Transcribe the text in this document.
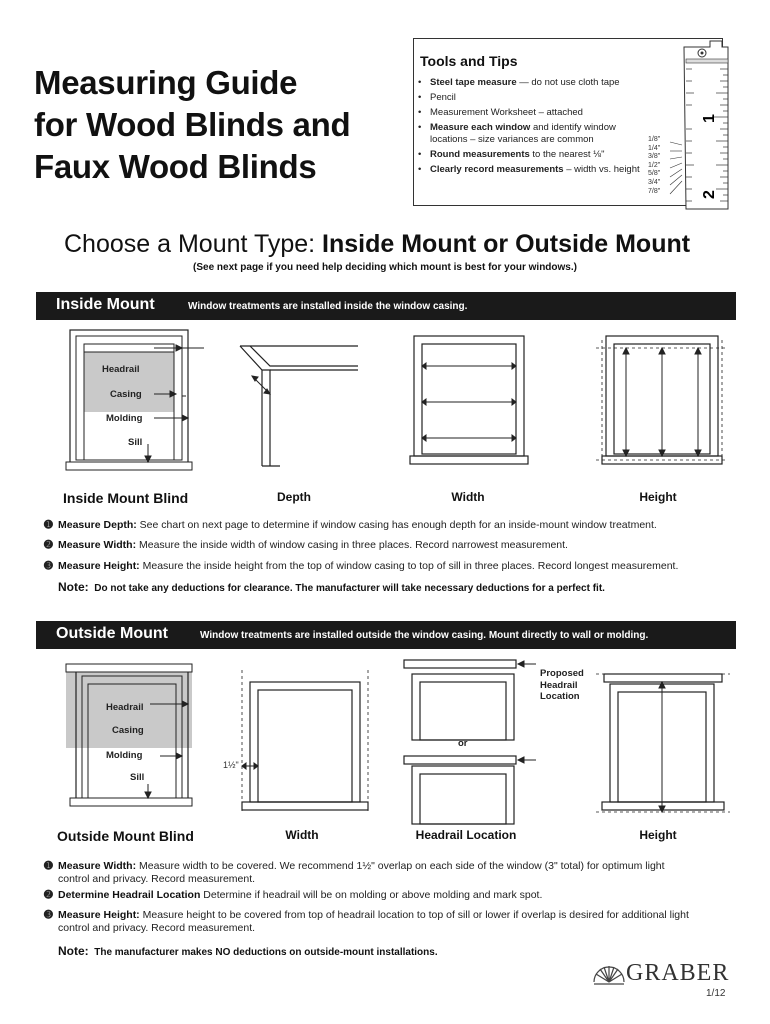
Measuring Guide
for Wood Blinds and
Faux Wood Blinds
Tools and Tips
• Steel tape measure — do not use cloth tape
• Pencil
• Measurement Worksheet – attached
• Measure each window and identify window locations – size variances are common
• Round measurements to the nearest ⅛"
• Clearly record measurements – width vs. height
1/8"
1/4"
3/8"
1/2"
5/8"
3/4"
7/8"
1
2
Choose a Mount Type: Inside Mount or Outside Mount
(See next page if you need help deciding which mount is best for your windows.)
Inside Mount	Window treatments are installed inside the window casing.
Headrail
Casing
Molding
Sill
Inside Mount Blind	Depth	Width	Height
➊ Measure Depth: See chart on next page to determine if window casing has enough depth for an inside-mount window treatment.
➋ Measure Width: Measure the inside width of window casing in three places. Record narrowest measurement.
➌ Measure Height: Measure the inside height from the top of window casing to top of sill in three places. Record longest measurement.
Note: Do not take any deductions for clearance. The manufacturer will take necessary deductions for a perfect fit.
Outside Mount	Window treatments are installed outside the window casing. Mount directly to wall or molding.
Headrail
Casing
Molding
Sill
1½"
or
Proposed
Headrail
Location
Outside Mount Blind	Width	Headrail Location	Height
➊ Measure Width: Measure width to be covered. We recommend 1½" overlap on each side of the window (3" total) for optimum light
control and privacy. Record measurement.
➋ Determine Headrail Location Determine if headrail will be on molding or above molding and mark spot.
➌ Measure Height: Measure height to be covered from top of headrail location to top of sill or lower if overlap is desired for additional light
control and privacy. Record measurement.
Note: The manufacturer makes NO deductions on outside-mount installations.
GRABER
1/12
